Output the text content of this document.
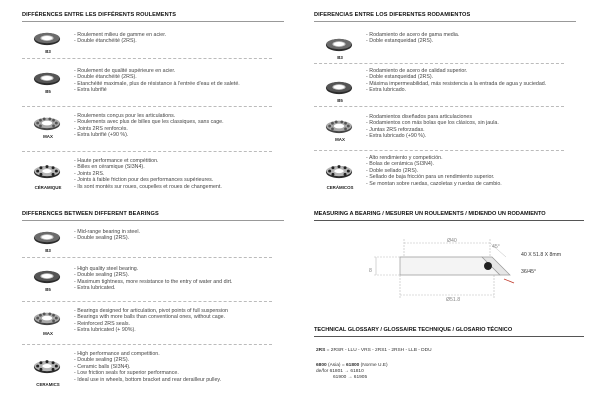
DIFFÉRENCES ENTRE LES DIFFÉRENTS ROULEMENTS
B3
- Roulement milieu de gamme en acier.
- Double étanchéité (2RS).
B5
- Roulement de qualité supérieure en acier.
- Double étanchéité (2RS).
- Etanchéité maximale, plus de résistance à l'entrée d'eau et de saleté.
- Extra lubrifié
MAX
- Roulements conçus pour les articulations.
- Roulements avec plus de billes que les classiques, sans cage.
- Joints 2RS renforcés.
- Extra lubrifié (+90 %).
CÉRAMIQUE
- Haute performance et compétition.
- Billes en céramique (SI3N4).
- Joints 2RS.
- Joints à faible friction pour des performances supérieures.
- Ils sont montés sur roues, coupelles et roues de changement.
DIFERENCIAS ENTRE LOS DIFERENTES RODAMIENTOS
B3
- Rodamiento de acero de gama media.
- Doble estanqueidad (2RS).
B5
- Rodamiento de acero de calidad superior.
- Doble estanqueidad (2RS).
- Máxima impermeabilidad, más resistencia a la entrada de agua y suciedad.
- Extra lubricado.
MAX
- Rodamientos diseñados para articulaciones
- Rodamientos con más bolas que los clásicos, sin jaula.
- Juntas 2RS reforzadas.
- Extra lubricado (+90 %).
CERÁMICOS
- Alto rendimiento y competición.
- Bolas de cerámica (SI3N4).
- Doble sellado (2RS).
- Sellado de baja fricción para un rendimiento superior.
- Se montan sobre ruedas, cazoletas y ruedas de cambio.
DIFFERENCES BETWEEN DIFFERENT BEARINGS
B3
- Mid-range bearing in steel.
- Double sealing (2RS).
B5
- High quality steel bearing.
- Double sealing (2RS).
- Maximum tightness, more resistance to the entry of water and dirt.
- Extra lubricated.
MAX
- Bearings designed for articulation, pivot points of full suspension
- Bearings with more balls than conventional ones, without cage.
- Reinforced 2RS seals.
- Extra lubricated (+ 90%).
CERAMICS
- High performance and competition.
- Double sealing (2RS).
- Ceramic balls (SI3N4).
- Low friction seals for superior performance.
- Ideal use in wheels, bottom bracket and rear derailleur pulley.
MEASURING A BEARING / MESURER UN ROULEMENTS / MIDIENDO UN RODAMIENTO
Ø40
45°
40 X 51.8 X 8mm
36/45°
8
Ø51.8
TECHNICAL GLOSSARY / GLOSSAIRE TECHNIQUE / GLOSARIO TÉCNICO
2RS = 2RSR - LLU - VRS - 2RS1 - 2RSH - LLB - DDU
6800 (Asia) = 61800 (Norme U.E)
de/for 61801 → 61810
61900 → 61905
